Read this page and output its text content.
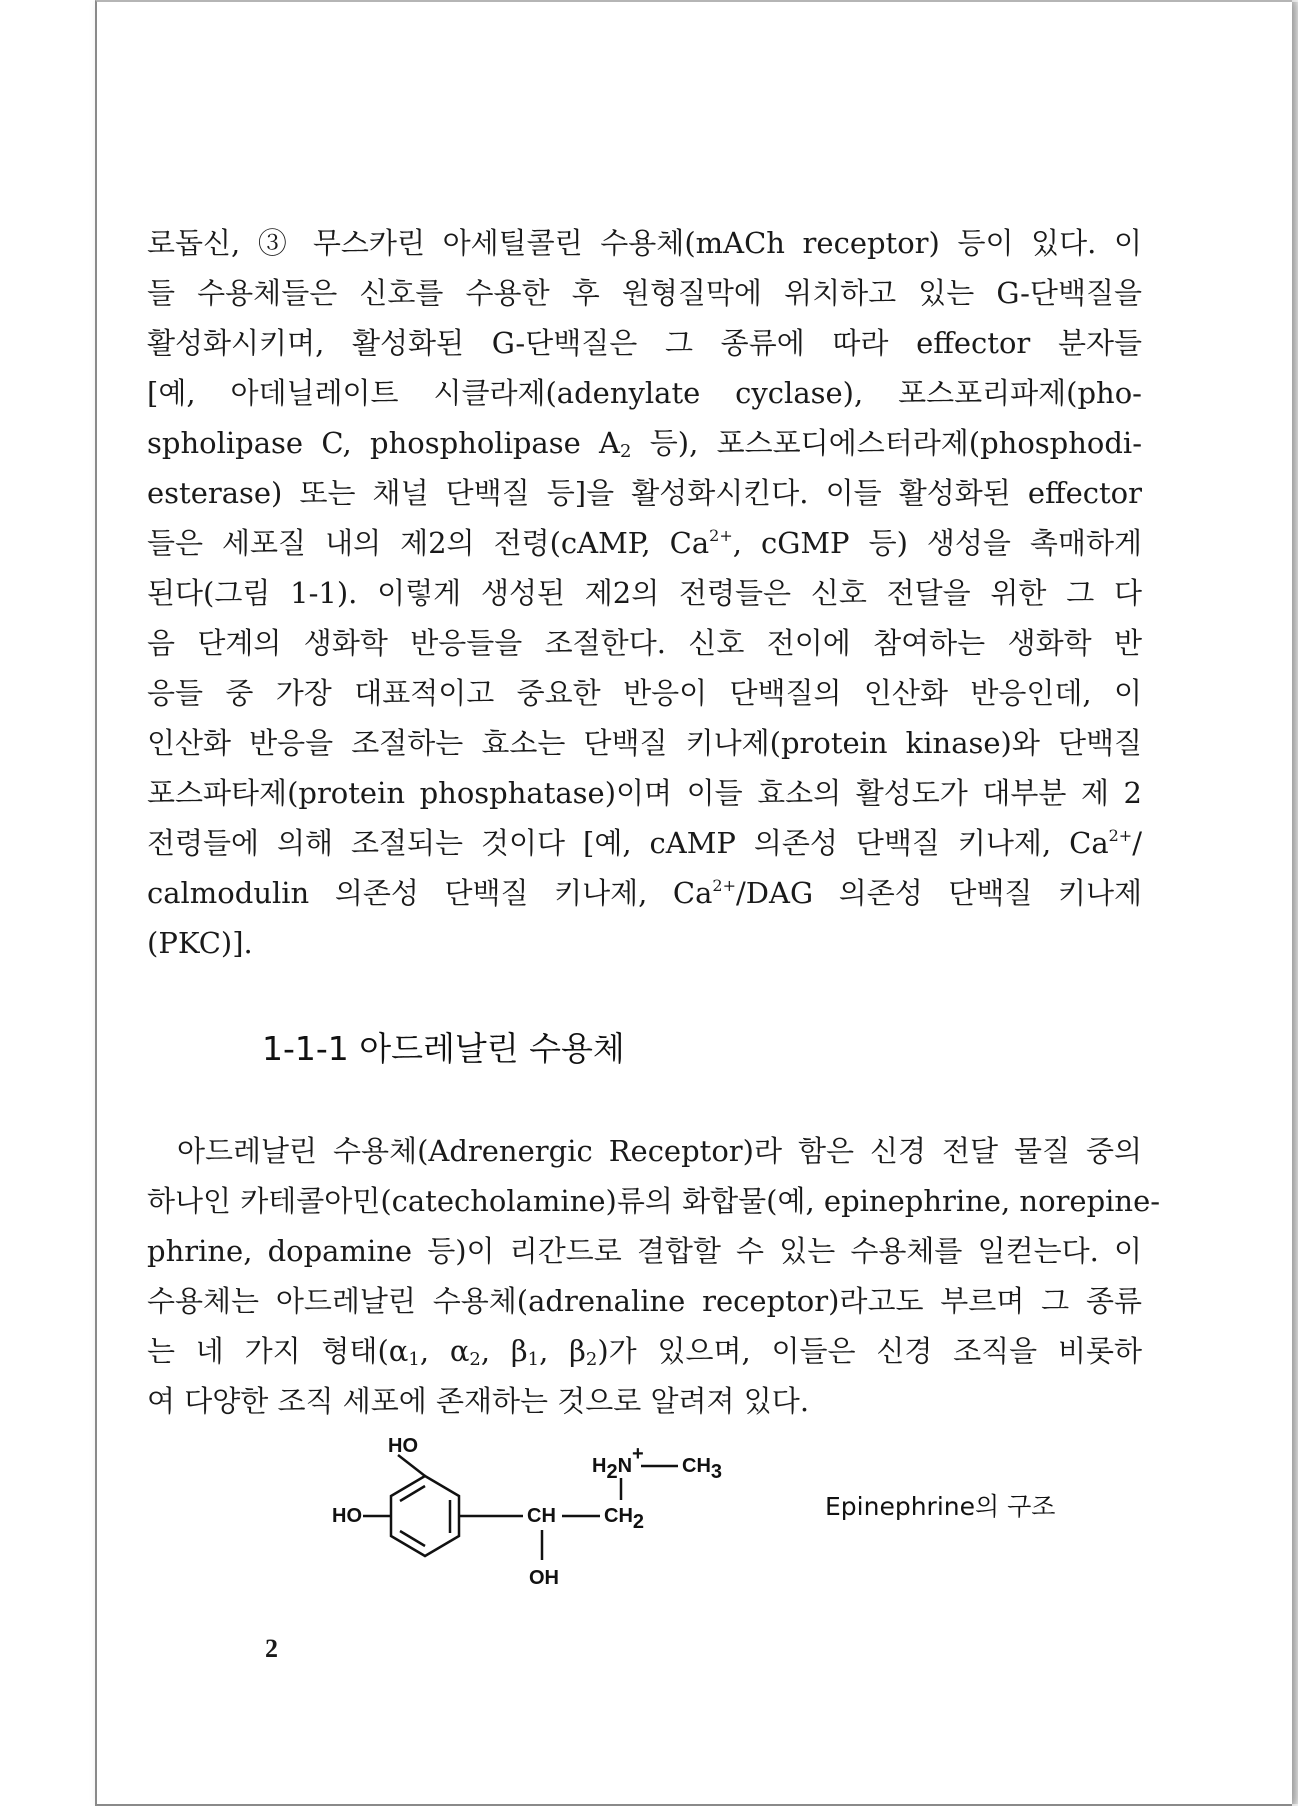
로돕신, ③ 무스카린 아세틸콜린 수용체(mACh receptor) 등이 있다. 이
들 수용체들은 신호를 수용한 후 원형질막에 위치하고 있는 G-단백질을
활성화시키며, 활성화된 G-단백질은 그 종류에 따라 effector 분자들
[예, 아데닐레이트 시클라제(adenylate cyclase), 포스포리파제(pho-
spholipase C, phospholipase $A_2$ 등), 포스포디에스터라제(phosphodi-
esterase) 또는 채널 단백질 등]을 활성화시킨다. 이들 활성화된 effector
들은 세포질 내의 제2의 전령(cAMP, $Ca^{2+}$, cGMP 등) 생성을 촉매하게
된다(그림 1-1). 이렇게 생성된 제2의 전령들은 신호 전달을 위한 그 다
음 단계의 생화학 반응들을 조절한다. 신호 전이에 참여하는 생화학 반
응들 중 가장 대표적이고 중요한 반응이 단백질의 인산화 반응인데, 이
인산화 반응을 조절하는 효소는 단백질 키나제(protein kinase)와 단백질
포스파타제(protein phosphatase)이며 이들 효소의 활성도가 대부분 제 2
전령들에 의해 조절되는 것이다 [예, cAMP 의존성 단백질 키나제, $Ca^{2+}/$
calmodulin 의존성 단백질 키나제, $Ca^{2+}$/DAG 의존성 단백질 키나제
(PKC)].
1-1-1 아드레날린 수용체
아드레날린 수용체(Adrenergic Receptor)라 함은 신경 전달 물질 중의
하나인 카테콜아민(catecholamine)류의 화합물(예, epinephrine, norepine-
phrine, dopamine 등)이 리간드로 결합할 수 있는 수용체를 일컫는다. 이
수용체는 아드레날린 수용체(adrenaline receptor)라고도 부르며 그 종류
는 네 가지 형태($\alpha_1$, $\alpha_2$, $\beta_1$, $\beta_2$)가 있으며, 이들은 신경 조직을 비롯하
여 다양한 조직 세포에 존재하는 것으로 알려져 있다.
HO
HO	CH
OH
CH2
H2N+
CH3
Epinephrine의 구조
2
